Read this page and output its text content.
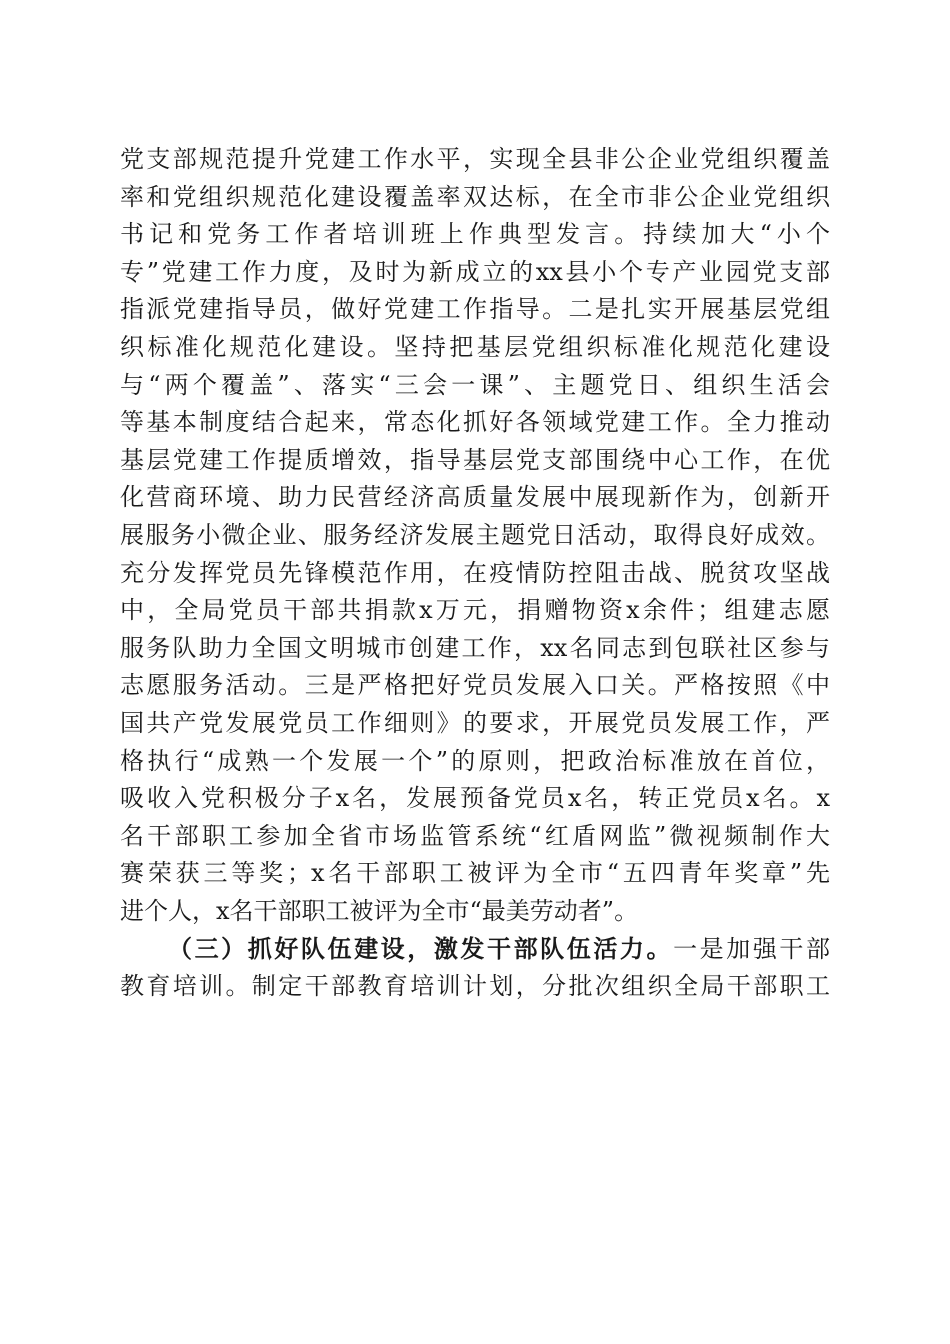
党支部规范提升党建工作水平，实现全县非公企业党组织覆盖
率和党组织规范化建设覆盖率双达标，在全市非公企业党组织
书记和党务工作者培训班上作典型发言。持续加大“小个
专”党建工作力度，及时为新成立的xx县小个专产业园党支部
指派党建指导员，做好党建工作指导。二是扎实开展基层党组
织标准化规范化建设。坚持把基层党组织标准化规范化建设
与“两个覆盖”、落实“三会一课”、主题党日、组织生活会
等基本制度结合起来，常态化抓好各领域党建工作。全力推动
基层党建工作提质增效，指导基层党支部围绕中心工作，在优
化营商环境、助力民营经济高质量发展中展现新作为，创新开
展服务小微企业、服务经济发展主题党日活动，取得良好成效。
充分发挥党员先锋模范作用，在疫情防控阻击战、脱贫攻坚战
中，全局党员干部共捐款x万元，捐赠物资x余件；组建志愿
服务队助力全国文明城市创建工作，xx名同志到包联社区参与
志愿服务活动。三是严格把好党员发展入口关。严格按照《中
国共产党发展党员工作细则》的要求，开展党员发展工作，严
格执行“成熟一个发展一个”的原则，把政治标准放在首位，
吸收入党积极分子x名，发展预备党员x名，转正党员x名。x
名干部职工参加全省市场监管系统“红盾网监”微视频制作大
赛荣获三等奖；x名干部职工被评为全市“五四青年奖章”先
进个人，x名干部职工被评为全市“最美劳动者”。
（三）抓好队伍建设，激发干部队伍活力。一是加强干部
教育培训。制定干部教育培训计划，分批次组织全局干部职工
